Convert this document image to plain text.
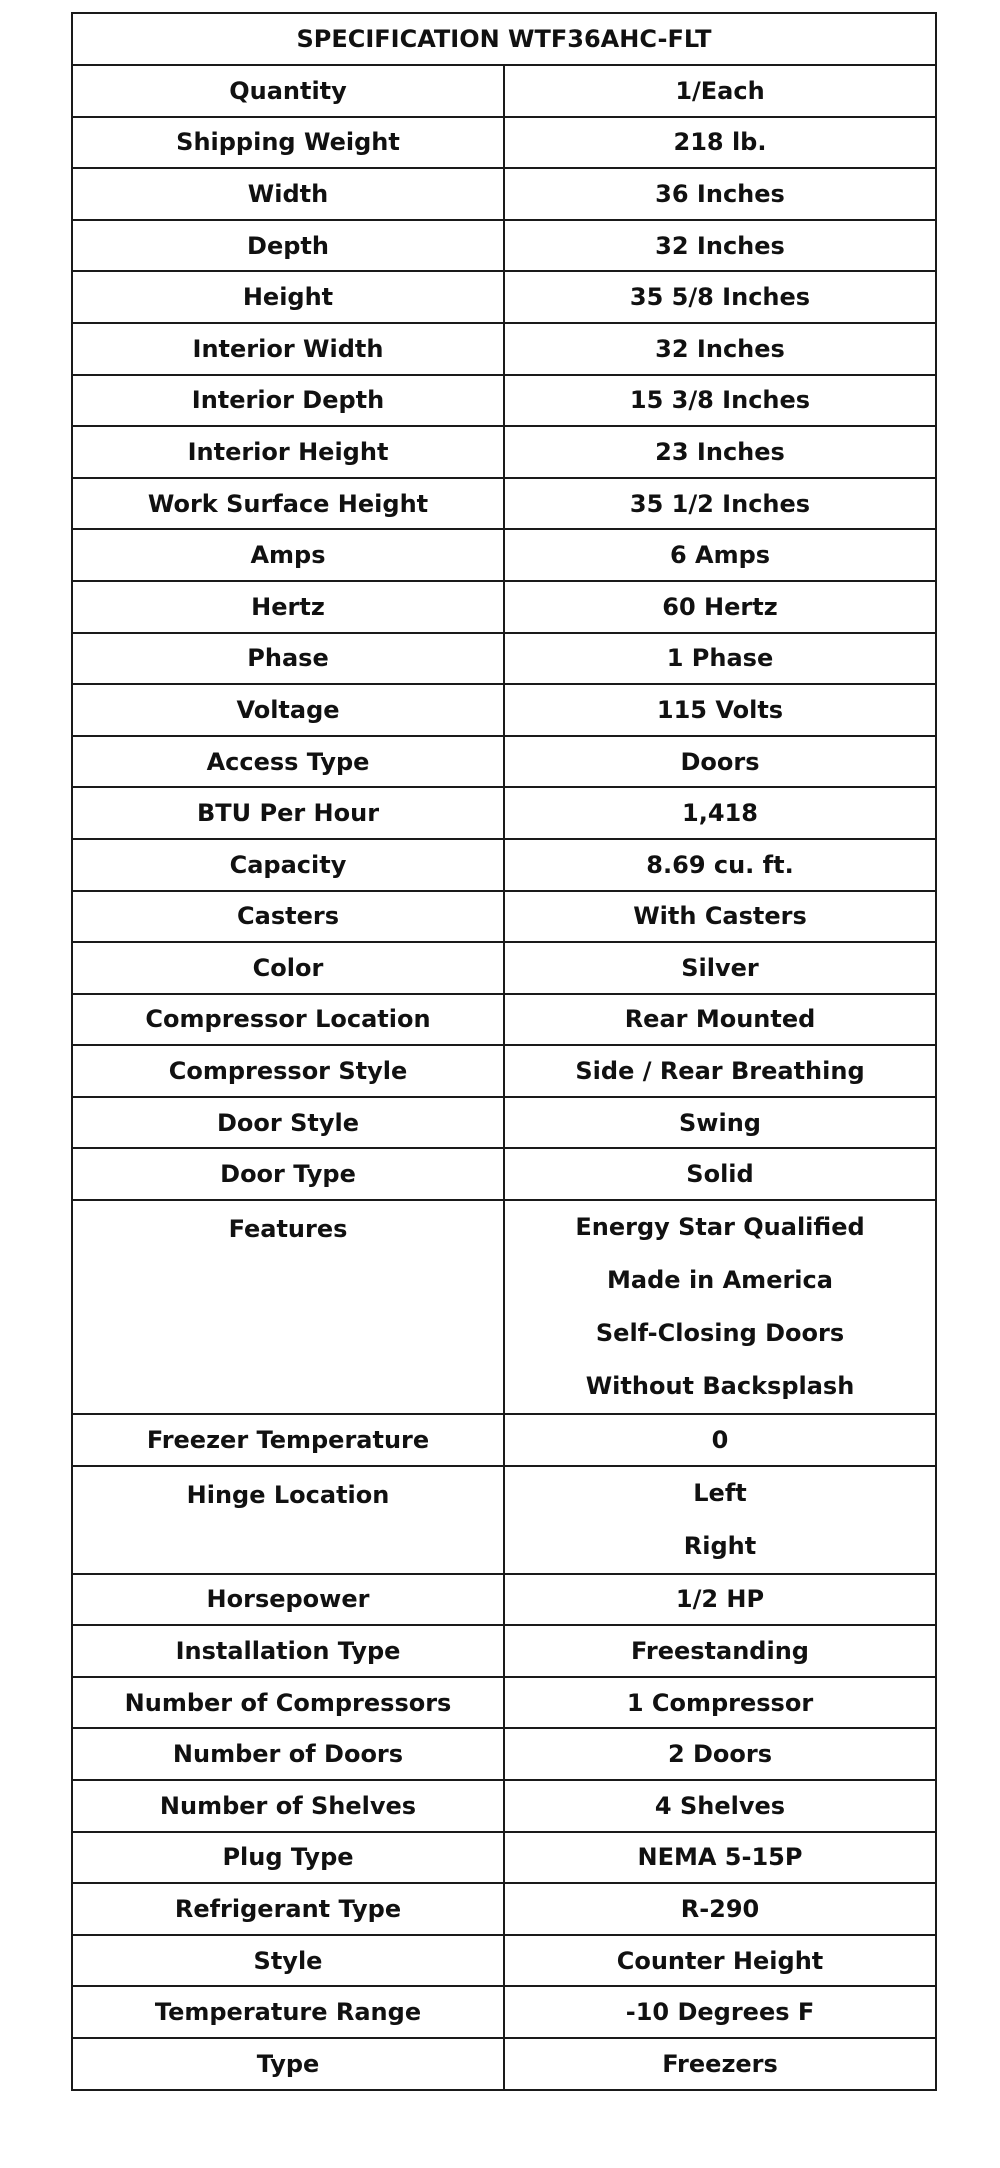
SPECIFICATION WTF36AHC-FLT	
Quantity	1/Each

Shipping Weight	218 lb.

Width	36 Inches

Depth	32 Inches

Height	35 5/8 Inches

Interior Width	32 Inches

Interior Depth	15 3/8 Inches

Interior Height	23 Inches

Work Surface Height	35 1/2 Inches

Amps	6 Amps

Hertz	60 Hertz

Phase	1 Phase

Voltage	115 Volts

Access Type	Doors

BTU Per Hour	1,418

Capacity	8.69 cu. ft.

Casters	With Casters

Color	Silver

Compressor Location	Rear Mounted

Compressor Style	Side / Rear Breathing

Door Style	Swing

Door Type	Solid

Features	Energy Star Qualified
Made in America
Self-Closing Doors
Without Backsplash

Freezer Temperature	0

Hinge Location	Left
Right

Horsepower	1/2 HP

Installation Type	Freestanding

Number of Compressors	1 Compressor

Number of Doors	2 Doors

Number of Shelves	4 Shelves

Plug Type	NEMA 5-15P

Refrigerant Type	R-290

Style	Counter Height

Temperature Range	-10 Degrees F

Type	Freezers
